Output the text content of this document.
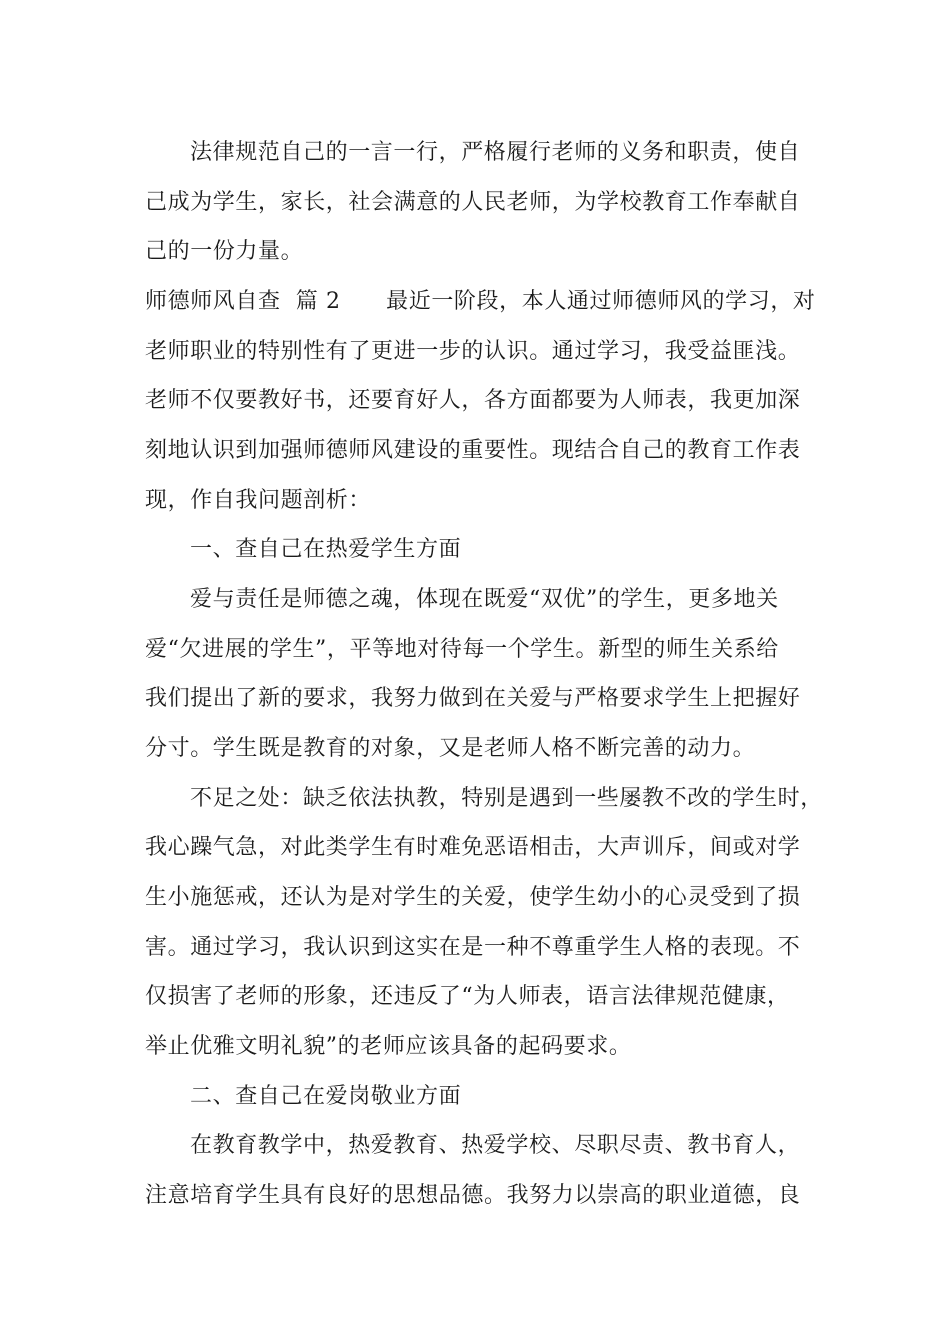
法律规范自己的一言一行，严格履行老师的义务和职责，使自
己成为学生，家长，社会满意的人民老师，为学校教育工作奉献自
己的一份力量。
师德师风自查  篇 2      最近一阶段，本人通过师德师风的学习，对
老师职业的特别性有了更进一步的认识。通过学习，我受益匪浅。
老师不仅要教好书，还要育好人，各方面都要为人师表，我更加深
刻地认识到加强师德师风建设的重要性。现结合自己的教育工作表
现，作自我问题剖析：
一、查自己在热爱学生方面
爱与责任是师德之魂，体现在既爱“双优”的学生，更多地关
爱“欠进展的学生”，平等地对待每一个学生。新型的师生关系给
我们提出了新的要求，我努力做到在关爱与严格要求学生上把握好
分寸。学生既是教育的对象，又是老师人格不断完善的动力。
不足之处：缺乏依法执教，特别是遇到一些屡教不改的学生时，
我心躁气急，对此类学生有时难免恶语相击，大声训斥，间或对学
生小施惩戒，还认为是对学生的关爱，使学生幼小的心灵受到了损
害。通过学习，我认识到这实在是一种不尊重学生人格的表现。不
仅损害了老师的形象，还违反了“为人师表，语言法律规范健康，
举止优雅文明礼貌”的老师应该具备的起码要求。
二、查自己在爱岗敬业方面
在教育教学中，热爱教育、热爱学校、尽职尽责、教书育人，
注意培育学生具有良好的思想品德。我努力以崇高的职业道德，良
